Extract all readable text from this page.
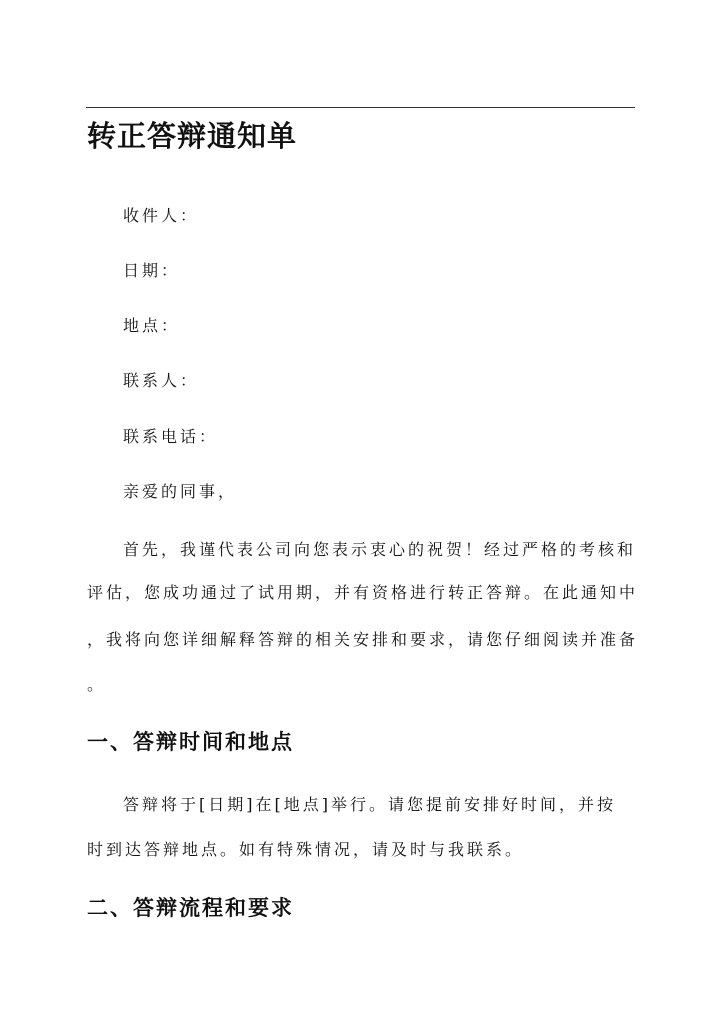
转正答辩通知单
收件人：
日期：
地点：
联系人：
联系电话：
亲爱的同事，
首先，我谨代表公司向您表示衷心的祝贺！经过严格的考核和
评估，您成功通过了试用期，并有资格进行转正答辩。在此通知中
，我将向您详细解释答辩的相关安排和要求，请您仔细阅读并准备
。
一、答辩时间和地点
答辩将于[日期]在[地点]举行。请您提前安排好时间，并按
时到达答辩地点。如有特殊情况，请及时与我联系。
二、答辩流程和要求
